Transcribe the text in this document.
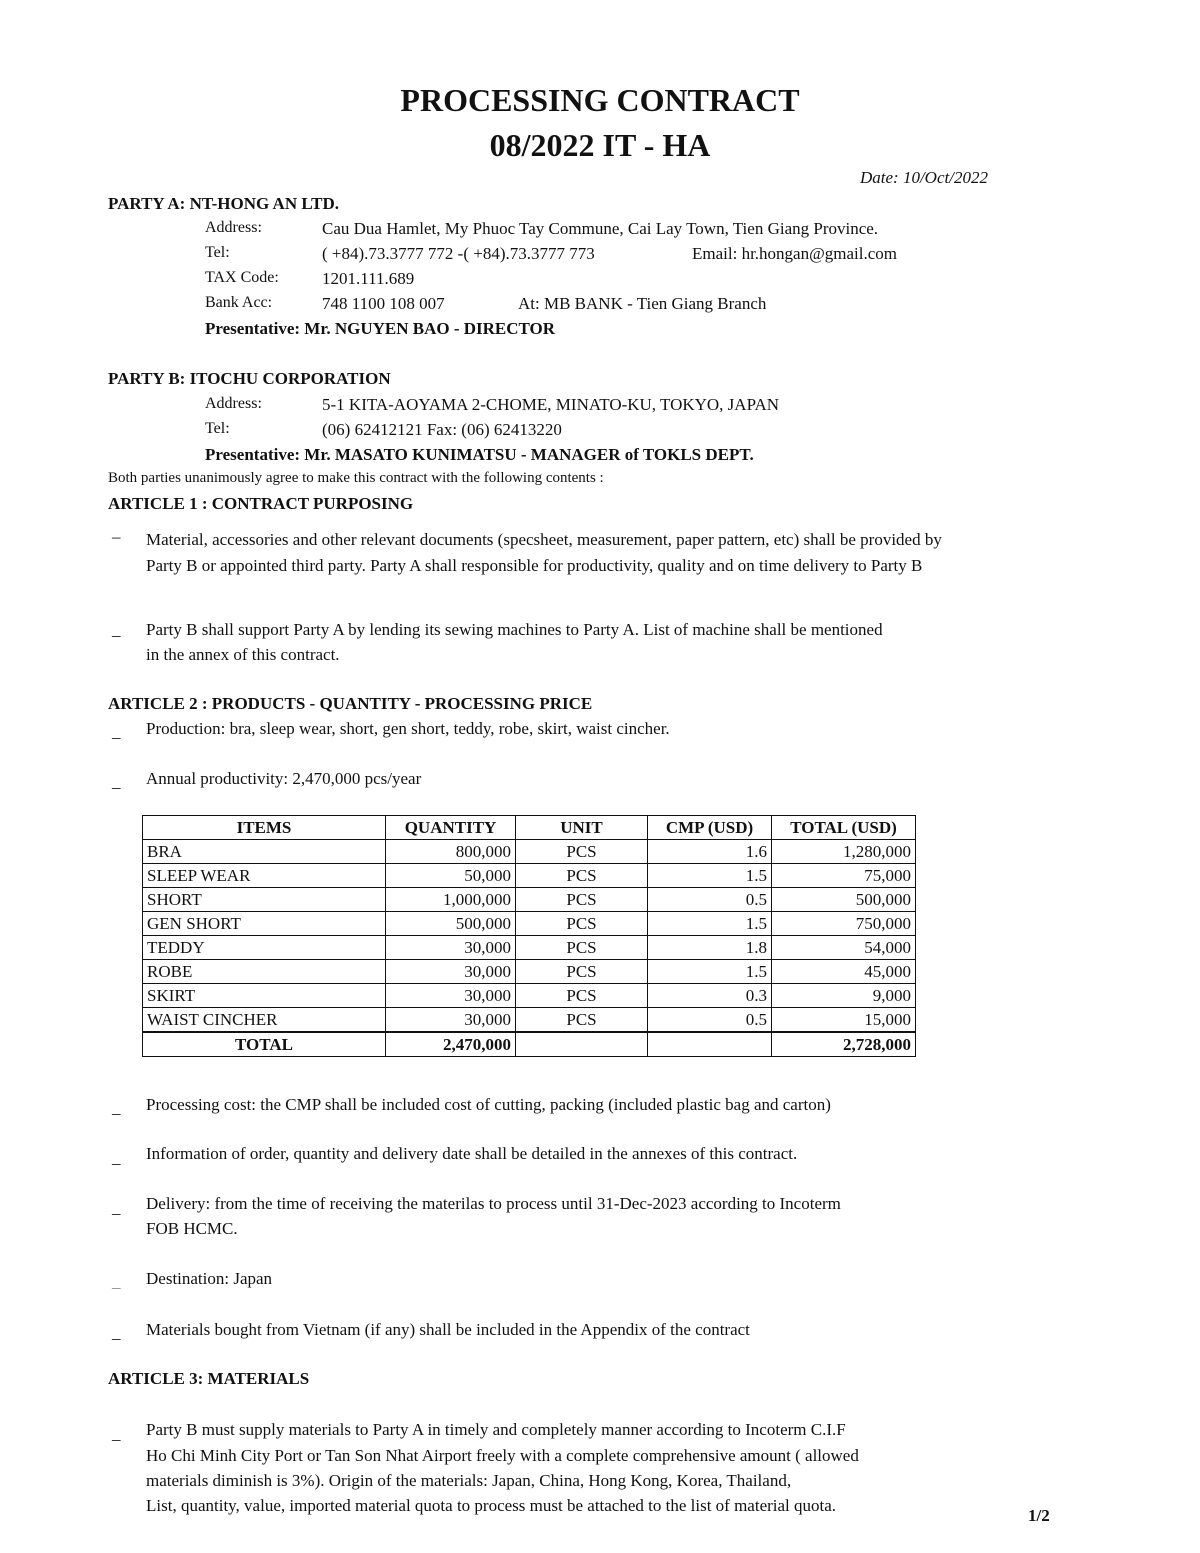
PROCESSING CONTRACT
08/2022 IT - HA
Date: 10/Oct/2022
PARTY A: NT-HONG AN LTD.
Address:	Cau Dua Hamlet, My Phuoc Tay Commune, Cai Lay Town, Tien Giang Province.
Tel:	( +84).73.3777 772 -( +84).73.3777 773	Email: hr.hongan@gmail.com
TAX Code:	1201.111.689
Bank Acc:	748 1100 108 007	At: MB BANK - Tien Giang Branch
Presentative: Mr. NGUYEN BAO - DIRECTOR
PARTY B: ITOCHU CORPORATION
Address:	5-1 KITA-AOYAMA 2-CHOME, MINATO-KU, TOKYO, JAPAN
Tel:	(06) 62412121 Fax: (06) 62413220
Presentative: Mr. MASATO KUNIMATSU - MANAGER of TOKLS DEPT.
Both parties unanimously agree to make this contract with the following contents :
ARTICLE 1 : CONTRACT PURPOSING
– Material, accessories and other relevant documents (specsheet, measurement, paper pattern, etc) shall be provided by
Party B or appointed third party. Party A shall responsible for productivity, quality and on time delivery to Party B
_ Party B shall support Party A by lending its sewing machines to Party A. List of machine shall be mentioned
in the annex of this contract.
ARTICLE 2 : PRODUCTS - QUANTITY - PROCESSING PRICE
_ Production: bra, sleep wear, short, gen short, teddy, robe, skirt, waist cincher.
_ Annual productivity: 2,470,000 pcs/year
ITEMS	QUANTITY	UNIT	CMP (USD)	TOTAL (USD)
BRA	800,000	PCS	1.6	1,280,000
SLEEP WEAR	50,000	PCS	1.5	75,000
SHORT	1,000,000	PCS	0.5	500,000
GEN SHORT	500,000	PCS	1.5	750,000
TEDDY	30,000	PCS	1.8	54,000
ROBE	30,000	PCS	1.5	45,000
SKIRT	30,000	PCS	0.3	9,000
WAIST CINCHER	30,000	PCS	0.5	15,000
TOTAL	2,470,000			2,728,000
_ Processing cost: the CMP shall be included cost of cutting, packing (included plastic bag and carton)
_ Information of order, quantity and delivery date shall be detailed in the annexes of this contract.
_ Delivery: from the time of receiving the materilas to process until 31-Dec-2023 according to Incoterm
FOB HCMC.
_ Destination: Japan
_ Materials bought from Vietnam (if any) shall be included in the Appendix of the contract
ARTICLE 3: MATERIALS
_ Party B must supply materials to Party A in timely and completely manner according to Incoterm C.I.F
Ho Chi Minh City Port or Tan Son Nhat Airport freely with a complete comprehensive amount ( allowed
materials diminish is 3%). Origin of the materials: Japan, China, Hong Kong, Korea, Thailand,
List, quantity, value, imported material quota to process must be attached to the list of material quota.
1/2
